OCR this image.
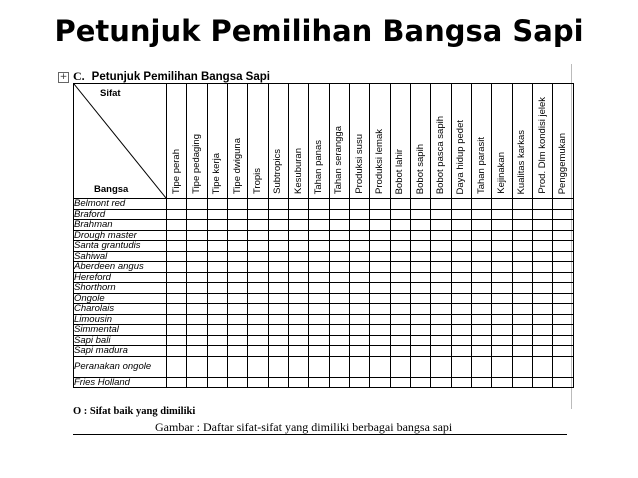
Petunjuk Pemilihan Bangsa Sapi
+ C. Petunjuk Pemilihan Bangsa Sapi
Sifat
Bangsa	Tipe perah	Tipe pedaging	Tipe kerja	Tipe dwiguna	Tropis	Subtropics	Kesuburan	Tahan panas	Tahan serangga	Produksi susu	Produksi lemak	Bobot lahir	Bobot sapih	Bobot pasca sapih	Daya hidup pedet	Tahan parasit	Kejinakan	Kualitas karkas	Prod. Dlm kondisi jelek	Penggemukan

Belmont red																				
Braford																				
Brahman																				
Drough master																				
Santa grantudis																				
Sahiwal																				
Aberdeen angus																				
Hereford																				
Shorthorn																				
Ongole																				
Charolais																				
Limousin																				
Simmental																				
Sapi bali																				
Sapi madura																				

Peranakan ongole																				

Fries Holland																				
O : Sifat baik yang dimiliki
Gambar : Daftar sifat-sifat yang dimiliki berbagai bangsa sapi
